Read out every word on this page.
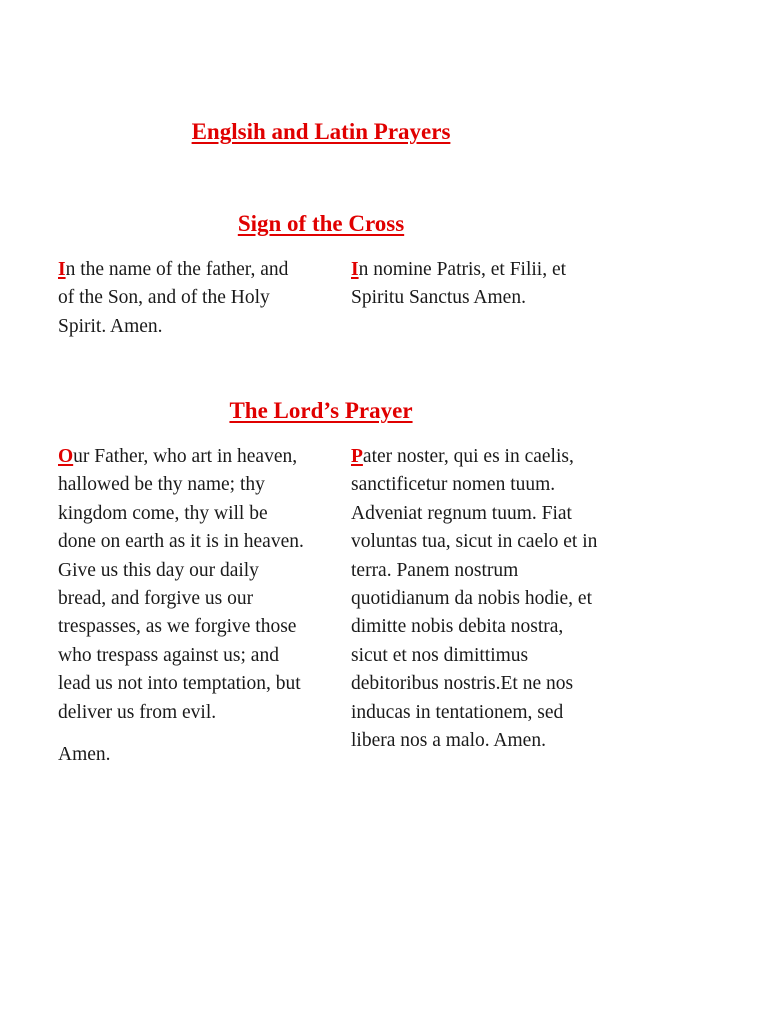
Englsih and Latin Prayers
Sign of the Cross

In the name of the father, and of the Son, and of the Holy Spirit. Amen.

In nomine Patris, et Filii, et Spiritu Sanctus Amen.

The Lord’s Prayer

Our Father, who art in heaven, hallowed be thy name; thy kingdom come, thy will be done on earth as it is in heaven. Give us this day our daily bread, and forgive us our trespasses, as we forgive those who trespass against us; and lead us not into temptation, but deliver us from evil.

Amen.

Pater noster, qui es in caelis, sanctificetur nomen tuum. Adveniat regnum tuum. Fiat voluntas tua, sicut in caelo et in terra. Panem nostrum quotidianum da nobis hodie, et dimitte nobis debita nostra, sicut et nos dimittimus debitoribus nostris.Et ne nos inducas in tentationem, sed libera nos a malo. Amen.
